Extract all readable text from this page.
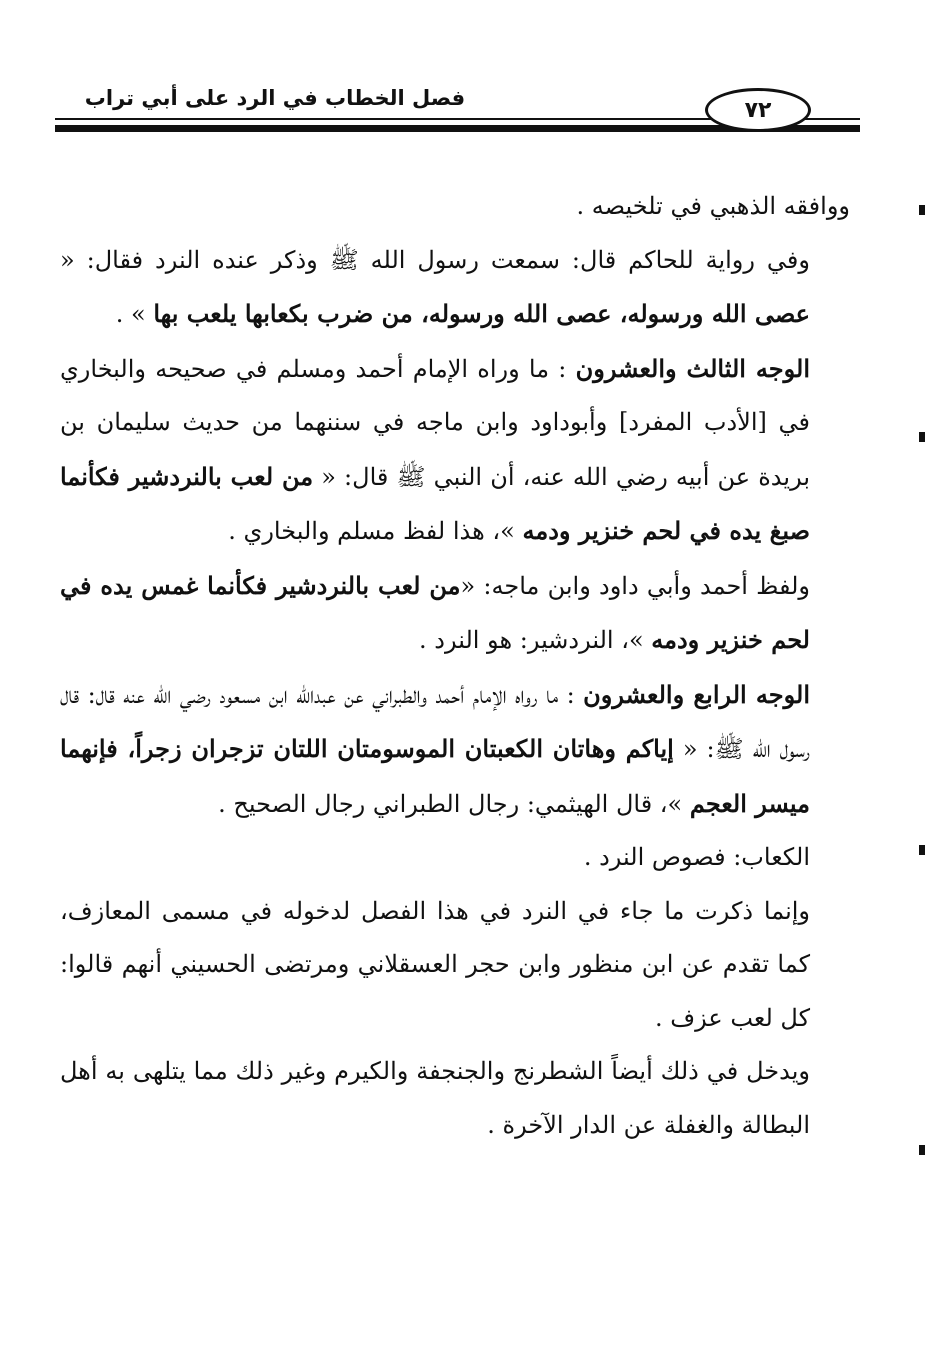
فصل الخطاب في الرد على أبي تراب	٧٢

ووافقه الذهبي في تلخيصه .

وفي رواية للحاكم قال: سمعت رسول الله ﷺ وذكر عنده النرد فقال: « عصى الله ورسوله، عصى الله ورسوله، من ضرب بكعابها يلعب بها » .

الوجه الثالث والعشرون : ما وراه الإمام أحمد ومسلم في صحيحه والبخاري في [الأدب المفرد] وأبوداود وابن ماجه في سننهما من حديث سليمان بن بريدة عن أبيه رضي الله عنه، أن النبي ﷺ قال: « من لعب بالنردشير فكأنما صبغ يده في لحم خنزير ودمه »، هذا لفظ مسلم والبخاري .

ولفظ أحمد وأبي داود وابن ماجه: «من لعب بالنردشير فكأنما غمس يده في لحم خنزير ودمه »، النردشير: هو النرد .

الوجه الرابع والعشرون : ما رواه الإمام أحمد والطبراني عن عبدالله ابن مسعود رضي الله عنه قال: قال رسول الله ﷺ: « إياكم وهاتان الكعبتان الموسومتان اللتان تزجران زجراً، فإنهما ميسر العجم »، قال الهيثمي: رجال الطبراني رجال الصحيح .

الكعاب: فصوص النرد .

وإنما ذكرت ما جاء في النرد في هذا الفصل لدخوله في مسمى المعازف، كما تقدم عن ابن منظور وابن حجر العسقلاني ومرتضى الحسيني أنهم قالوا: كل لعب عزف .

ويدخل في ذلك أيضاً الشطرنج والجنجفة والكيرم وغير ذلك مما يتلهى به أهل البطالة والغفلة عن الدار الآخرة .
